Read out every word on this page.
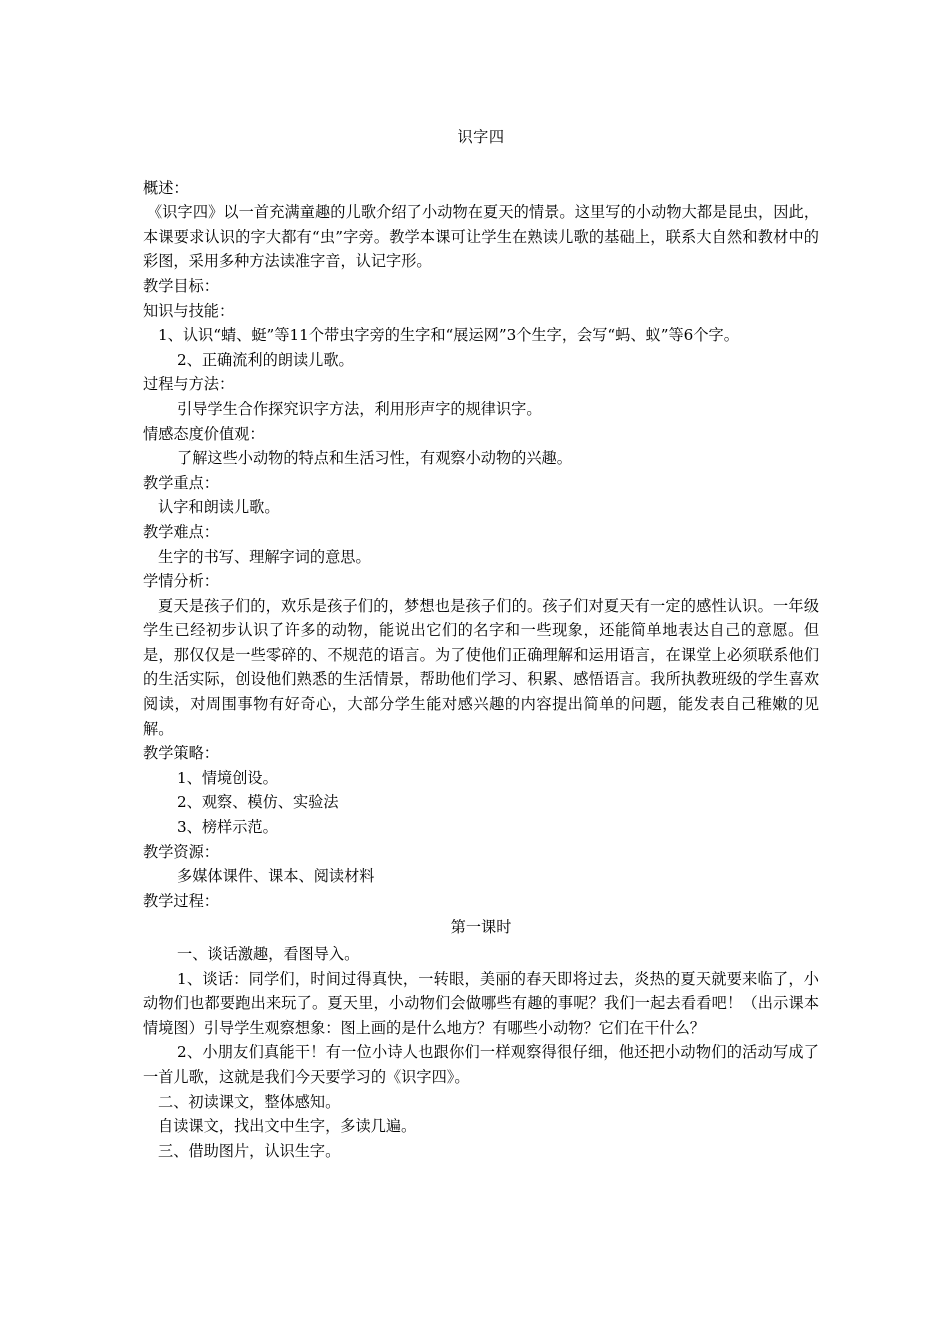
识字四
概述：
《识字四》以一首充满童趣的儿歌介绍了小动物在夏天的情景。这里写的小动物大都是昆虫，因此，本课要求认识的字大都有“虫”字旁。教学本课可让学生在熟读儿歌的基础上，联系大自然和教材中的彩图，采用多种方法读准字音，认记字形。
教学目标：
知识与技能：
1、认识“蜻、蜓”等11个带虫字旁的生字和“展运网”3个生字，会写“蚂、蚁”等6个字。
2、正确流利的朗读儿歌。
过程与方法：
引导学生合作探究识字方法，利用形声字的规律识字。
情感态度价值观：
了解这些小动物的特点和生活习性，有观察小动物的兴趣。
教学重点：
认字和朗读儿歌。
教学难点：
生字的书写、理解字词的意思。
学情分析：
夏天是孩子们的，欢乐是孩子们的，梦想也是孩子们的。孩子们对夏天有一定的感性认识。一年级学生已经初步认识了许多的动物，能说出它们的名字和一些现象，还能简单地表达自己的意愿。但是，那仅仅是一些零碎的、不规范的语言。为了使他们正确理解和运用语言，在课堂上必须联系他们的生活实际，创设他们熟悉的生活情景，帮助他们学习、积累、感悟语言。我所执教班级的学生喜欢阅读，对周围事物有好奇心，大部分学生能对感兴趣的内容提出简单的问题，能发表自己稚嫩的见解。
教学策略：
1、情境创设。
2、观察、模仿、实验法
3、榜样示范。
教学资源：
多媒体课件、课本、阅读材料
教学过程：
第一课时
一、谈话激趣，看图导入。
1、谈话：同学们，时间过得真快，一转眼，美丽的春天即将过去，炎热的夏天就要来临了，小动物们也都要跑出来玩了。夏天里，小动物们会做哪些有趣的事呢？我们一起去看看吧！（出示课本情境图）引导学生观察想象：图上画的是什么地方？有哪些小动物？它们在干什么？
2、小朋友们真能干！有一位小诗人也跟你们一样观察得很仔细，他还把小动物们的活动写成了一首儿歌，这就是我们今天要学习的《识字四》。
二、初读课文，整体感知。
自读课文，找出文中生字，多读几遍。
三、借助图片，认识生字。
